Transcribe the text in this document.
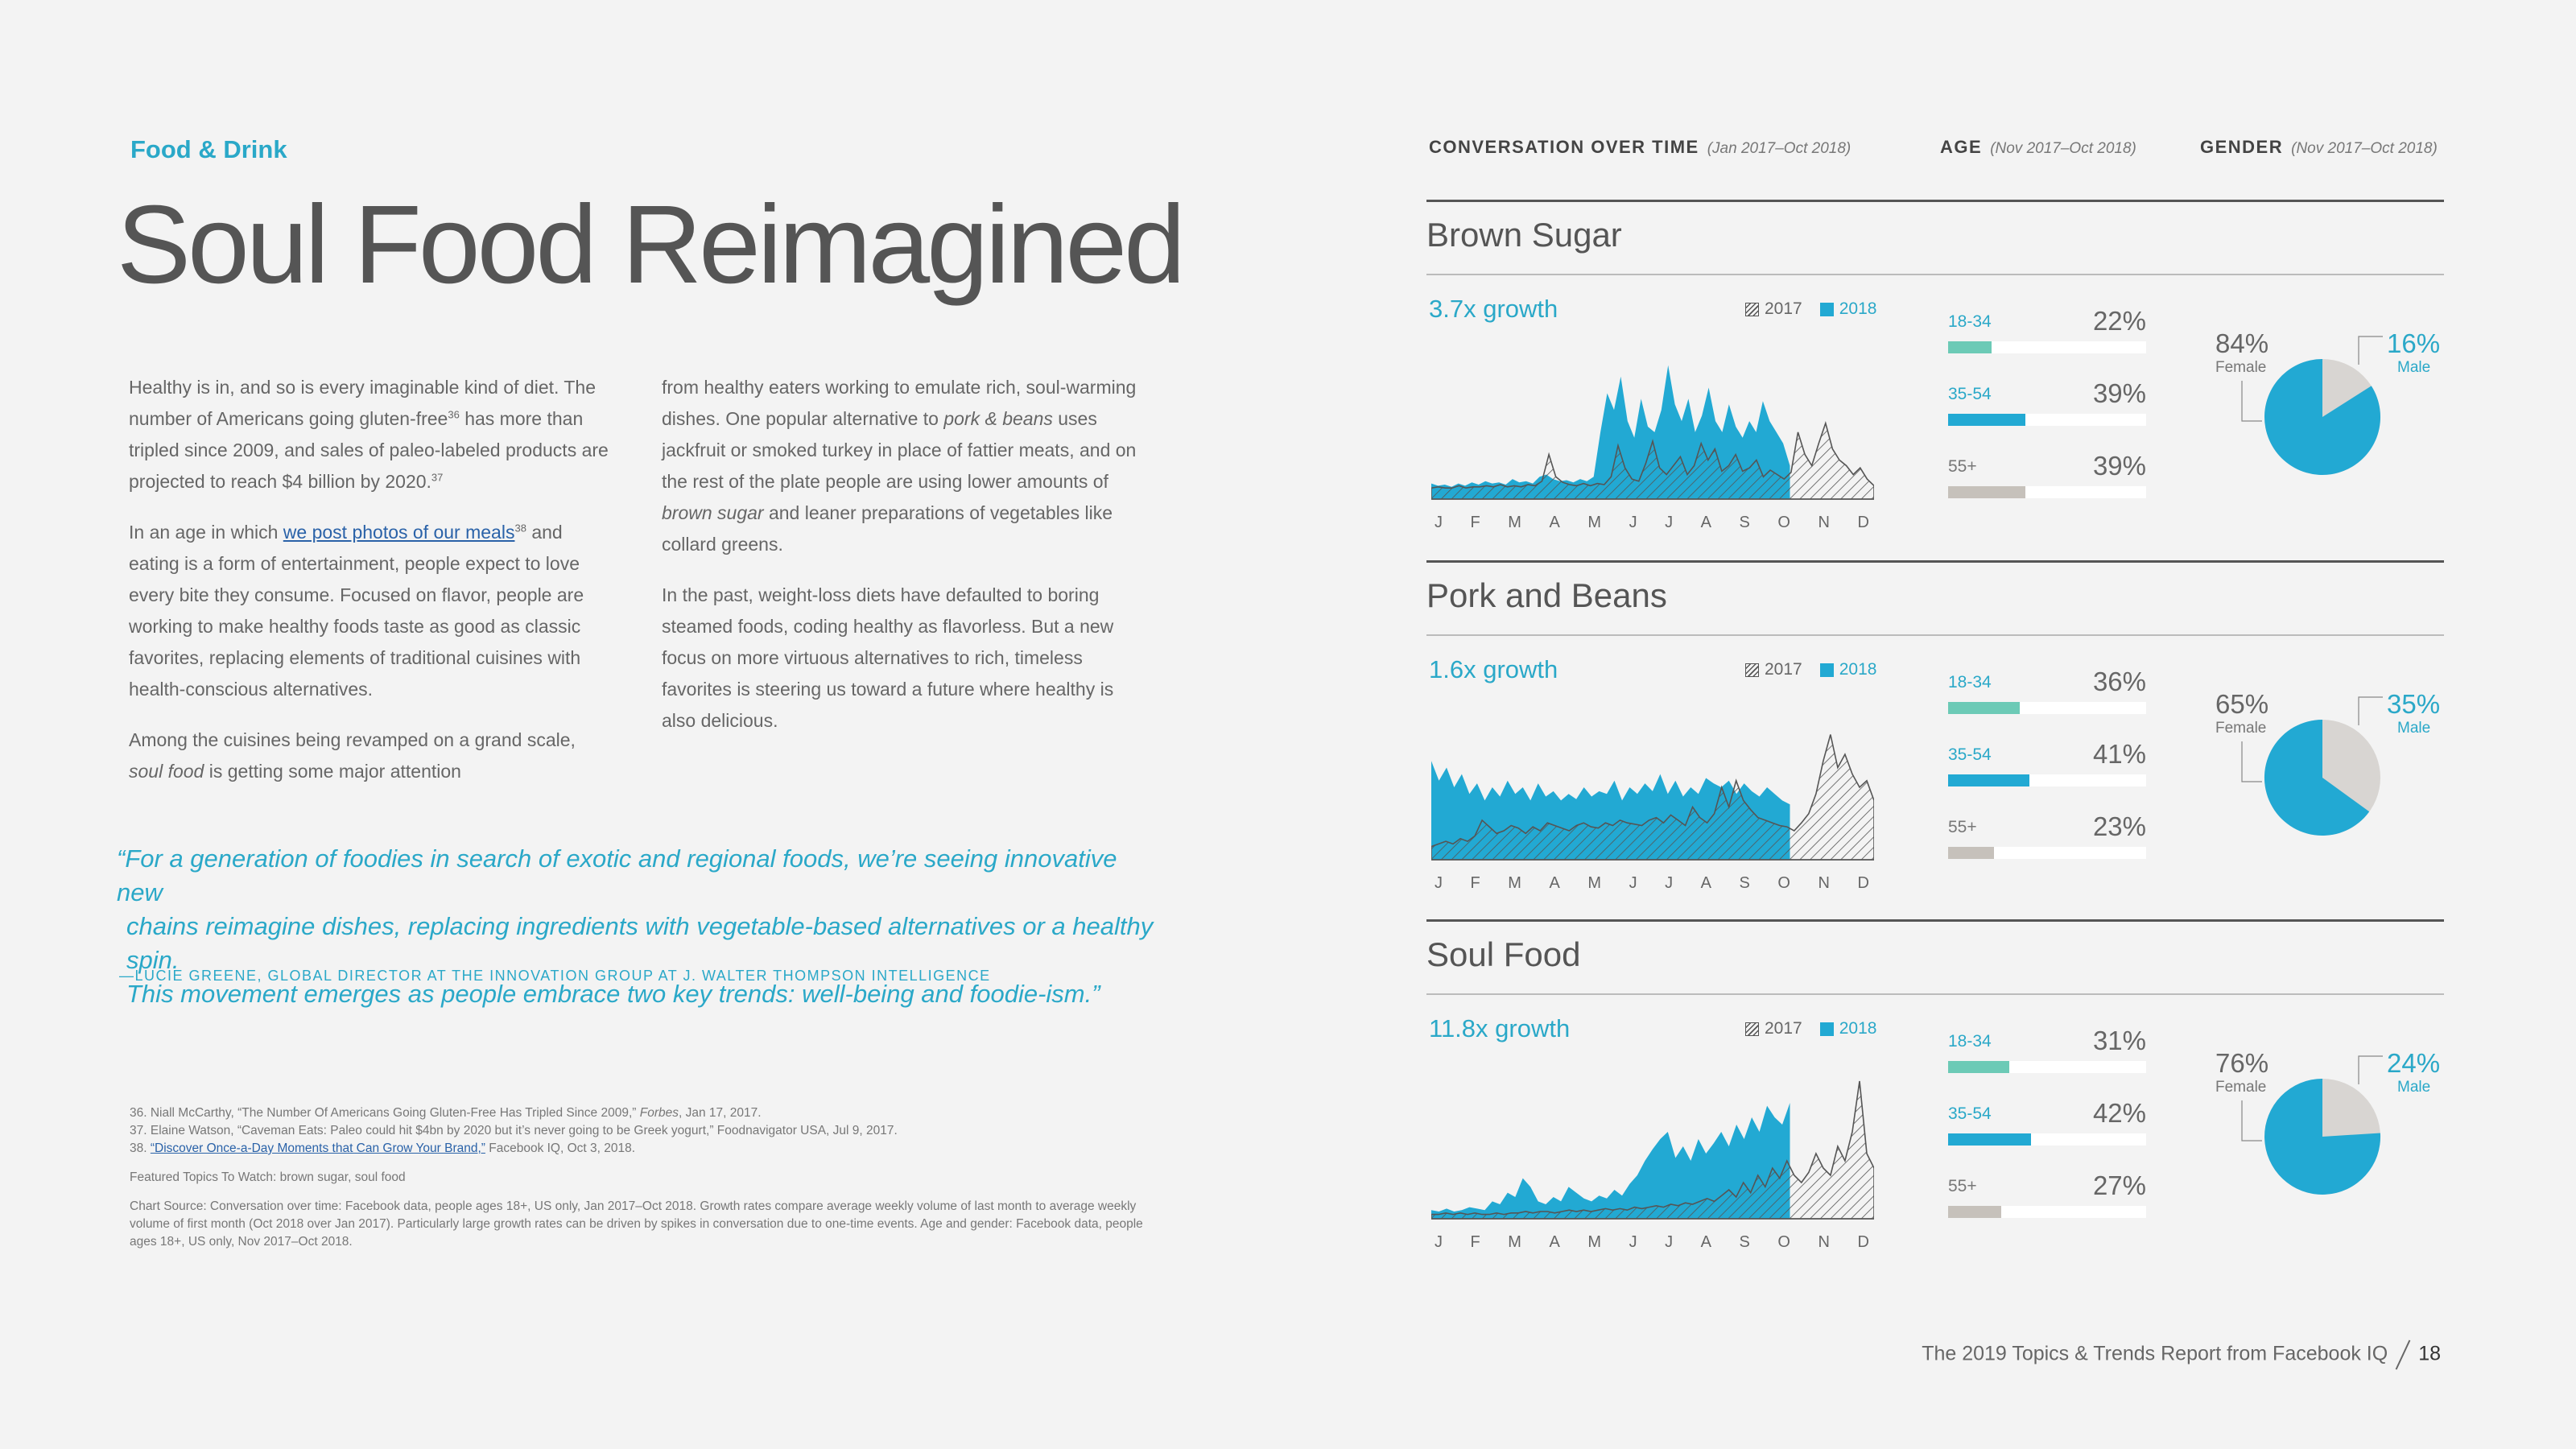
Food & Drink
Soul Food Reimagined

Healthy is in, and so is every imaginable kind of diet. The number of Americans going gluten-free$^{36}$ has more than tripled since 2009, and sales of paleo-labeled products are projected to reach $4 billion by 2020.37

In an age in which we post photos of our meals$^{38}$ and eating is a form of entertainment, people expect to love every bite they consume. Focused on flavor, people are working to make healthy foods taste as good as classic favorites, replacing elements of traditional cuisines with health-conscious alternatives.

Among the cuisines being revamped on a grand scale, soul food is getting some major attention

from healthy eaters working to emulate rich, soul-warming dishes. One popular alternative to pork & beans uses jackfruit or smoked turkey in place of fattier meats, and on the rest of the plate people are using lower amounts of brown sugar and leaner preparations of vegetables like collard greens.

In the past, weight-loss diets have defaulted to boring steamed foods, coding healthy as flavorless. But a new focus on more virtuous alternatives to rich, timeless favorites is steering us toward a future where healthy is also delicious.

“For a generation of foodies in search of exotic and regional foods, we’re seeing innovative new
chains reimagine dishes, replacing ingredients with vegetable-based alternatives or a healthy spin.
This movement emerges as people embrace two key trends: well-being and foodie-ism.”
—LUCIE GREENE, GLOBAL DIRECTOR AT THE INNOVATION GROUP AT J. WALTER THOMPSON INTELLIGENCE
36. Niall McCarthy, “The Number Of Americans Going Gluten-Free Has Tripled Since 2009,” Forbes, Jan 17, 2017.
37. Elaine Watson, “Caveman Eats: Paleo could hit $4bn by 2020 but it’s never going to be Greek yogurt,” Foodnavigator USA, Jul 9, 2017.
38. “Discover Once-a-Day Moments that Can Grow Your Brand,” Facebook IQ, Oct 3, 2018.
Featured Topics To Watch: brown sugar, soul food
Chart Source: Conversation over time: Facebook data, people ages 18+, US only, Jan 2017–Oct 2018. Growth rates compare average weekly volume of last month to average weekly volume of first month (Oct 2018 over Jan 2017). Particularly large growth rates can be driven by spikes in conversation due to one-time events. Age and gender: Facebook data, people ages 18+, US only, Nov 2017–Oct 2018.
CONVERSATION OVER TIME (Jan 2017–Oct 2018)	AGE (Nov 2017–Oct 2018)	GENDER (Nov 2017–Oct 2018)
Brown Sugar
3.7x growth	2017 2018
J F M A M J J A S O N D
18-34	22%
35-54	39%
55+	39%
84%
Female
16%
Male
Pork and Beans
1.6x growth	2017 2018
J F M A M J J A S O N D
18-34	36%
35-54	41%
55+	23%
65%
Female
35%
Male
Soul Food
11.8x growth	2017 2018
J F M A M J J A S O N D
18-34	31%
35-54	42%
55+	27%
76%
Female
24%
Male
The 2019 Topics & Trends Report from Facebook IQ 18
